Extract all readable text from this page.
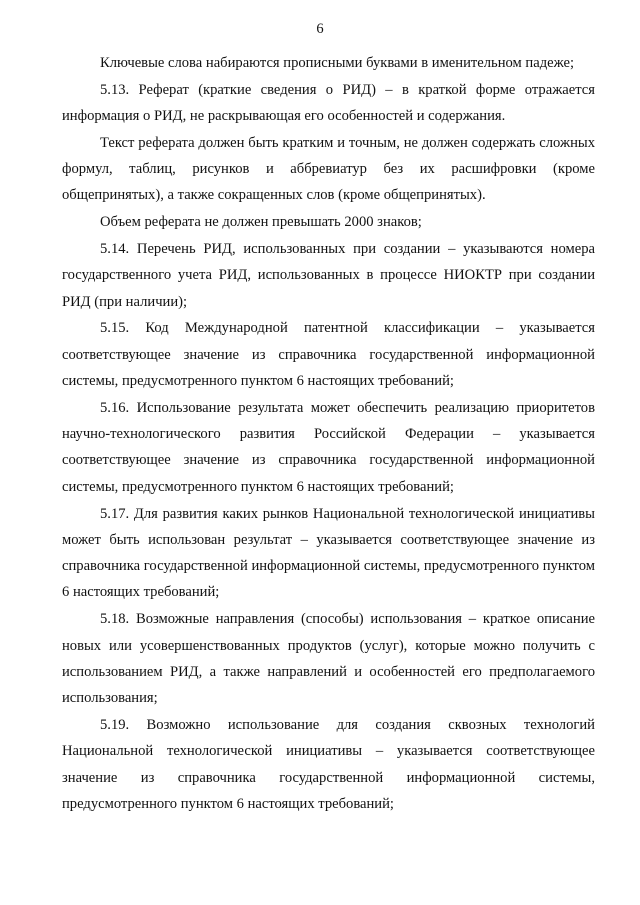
6

Ключевые слова набираются прописными буквами в именительном падеже;

5.13. Реферат (краткие сведения о РИД) – в краткой форме отражается информация о РИД, не раскрывающая его особенностей и содержания.

Текст реферата должен быть кратким и точным, не должен содержать сложных формул, таблиц, рисунков и аббревиатур без их расшифровки (кроме общепринятых), а также сокращенных слов (кроме общепринятых).

Объем реферата не должен превышать 2000 знаков;

5.14. Перечень РИД, использованных при создании – указываются номера государственного учета РИД, использованных в процессе НИОКТР при создании РИД (при наличии);

5.15. Код Международной патентной классификации – указывается соответствующее значение из справочника государственной информационной системы, предусмотренного пунктом 6 настоящих требований;

5.16. Использование результата может обеспечить реализацию приоритетов научно-технологического развития Российской Федерации – указывается соответствующее значение из справочника государственной информационной системы, предусмотренного пунктом 6 настоящих требований;

5.17. Для развития каких рынков Национальной технологической инициативы может быть использован результат – указывается соответствующее значение из справочника государственной информационной системы, предусмотренного пунктом 6 настоящих требований;

5.18. Возможные направления (способы) использования – краткое описание новых или усовершенствованных продуктов (услуг), которые можно получить с использованием РИД, а также направлений и особенностей его предполагаемого использования;

5.19. Возможно использование для создания сквозных технологий Национальной технологической инициативы – указывается соответствующее значение из справочника государственной информационной системы, предусмотренного пунктом 6 настоящих требований;
